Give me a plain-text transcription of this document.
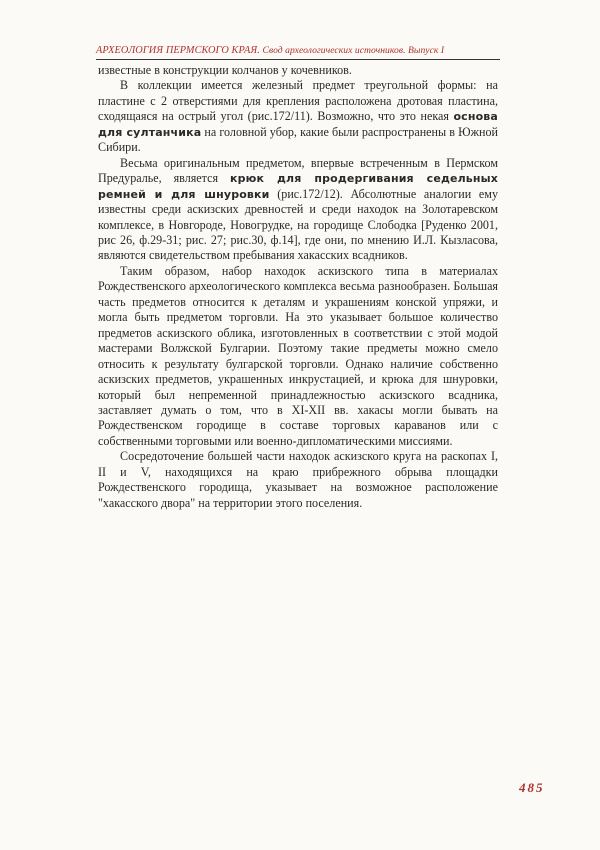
АРХЕОЛОГИЯ ПЕРМСКОГО КРАЯ. Свод археологических источников. Выпуск I

известные в конструкции колчанов у кочевников.

В коллекции имеется железный предмет треугольной формы: на пластине с 2 отверстиями для крепления расположена дротовая пластина, сходящаяся на острый угол (рис.172/11). Возможно, что это некая основа для султанчика на головной убор, какие были распространены в Южной Сибири.

Весьма оригинальным предметом, впервые встреченным в Пермском Предуралье, является крюк для продергивания седельных ремней и для шнуровки (рис.172/12). Абсолютные аналогии ему известны среди аскизских древностей и среди находок на Золотаревском комплексе, в Новгороде, Новогрудке, на городище Слободка [Руденко 2001, рис 26, ф.29-31; рис. 27; рис.30, ф.14], где они, по мнению И.Л. Кызласова, являются свидетельством пребывания хакасских всадников.

Таким образом, набор находок аскизского типа в материалах Рождественского археологического комплекса весьма разнообразен. Большая часть предметов относится к деталям и украшениям конской упряжи, и могла быть предметом торговли. На это указывает большое количество предметов аскизского облика, изготовленных в соответствии с этой модой мастерами Волжской Булгарии. Поэтому такие предметы можно смело относить к результату булгарской торговли. Однако наличие собственно аскизских предметов, украшенных инкрустацией, и крюка для шнуровки, который был непременной принадлежностью аскизского всадника, заставляет думать о том, что в XI-XII вв. хакасы могли бывать на Рождественском городище в составе торговых караванов или с собственными торговыми или военно-дипломатическими миссиями.

Сосредоточение большей части находок аскизского круга на раскопах I, II и V, находящихся на краю прибрежного обрыва площадки Рождественского городища, указывает на возможное расположение "хакасского двора" на территории этого поселения.

485
